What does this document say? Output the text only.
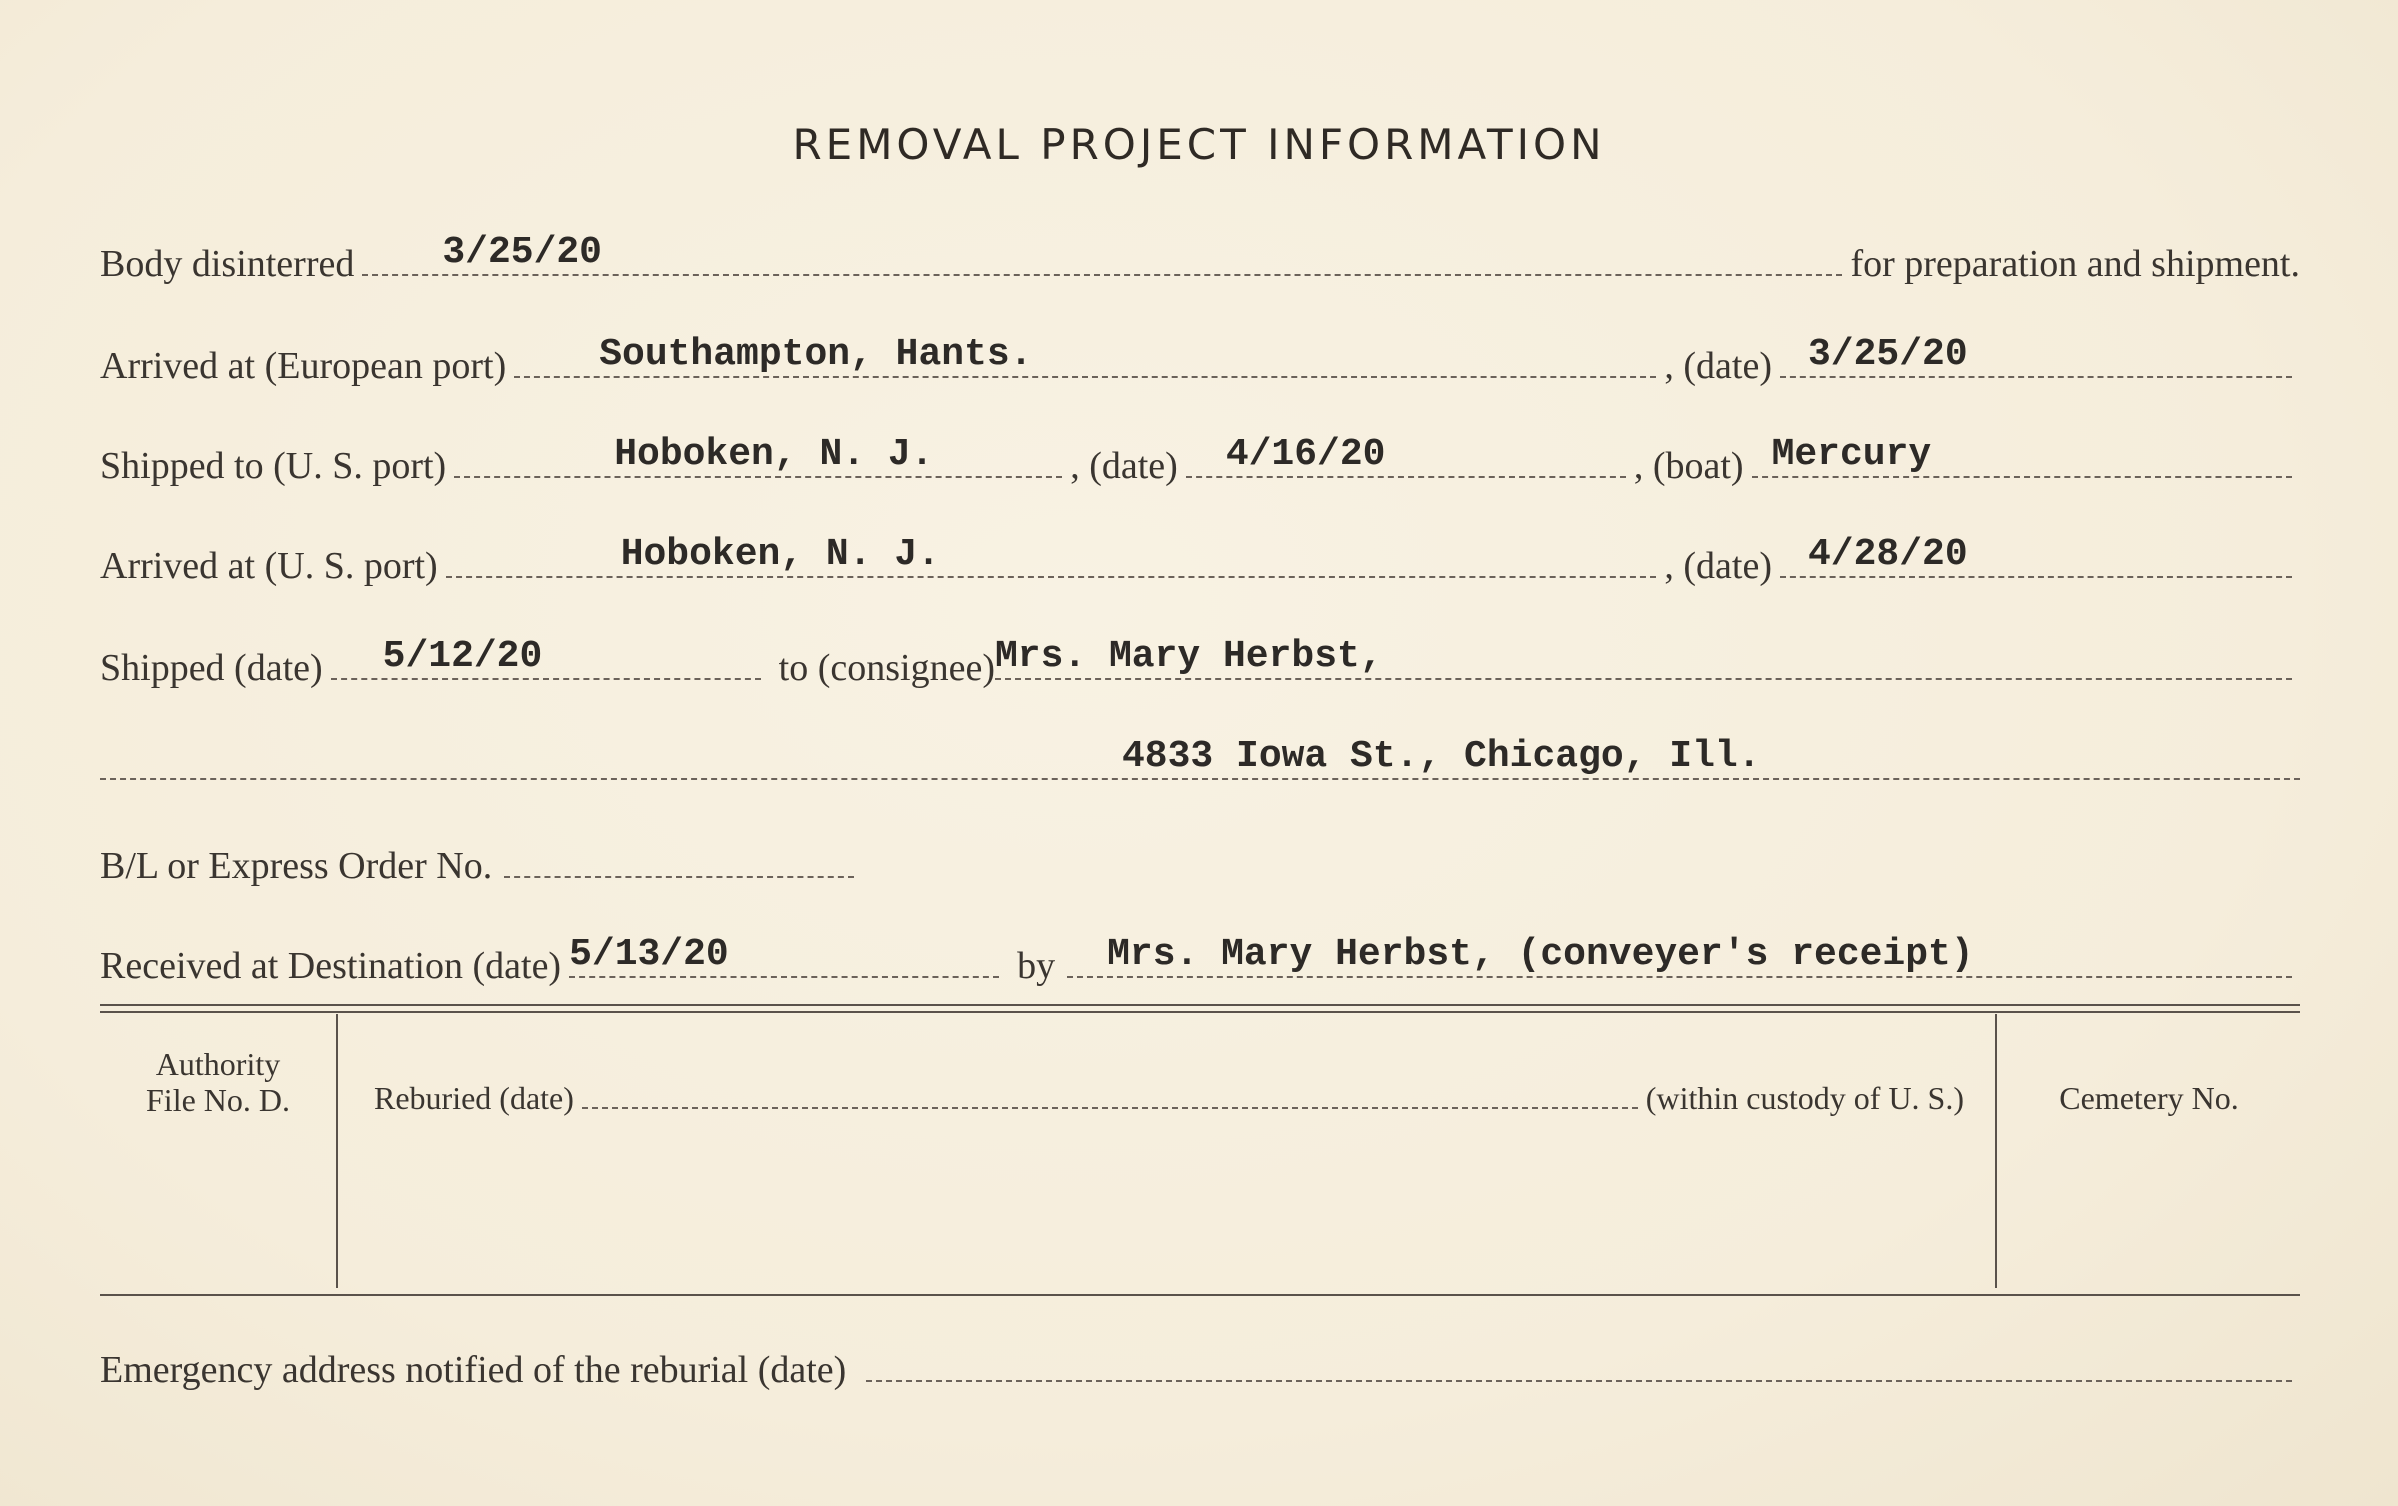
REMOVAL PROJECT INFORMATION
Body disinterred 3/25/20	for preparation and shipment.
Arrived at (European port) Southampton, Hants.	, (date) 3/25/20
Shipped to (U. S. port)	Hoboken, N. J.	, (date) 4/16/20	, (boat) Mercury
Arrived at (U. S. port)	Hoboken, N. J.	, (date) 4/28/20
Shipped (date) 5/12/20	to (consignee) Mrs. Mary Herbst,
4833 Iowa St., Chicago, Ill.
B/L or Express Order No.
Received at Destination (date) 5/13/20	by Mrs. Mary Herbst, (conveyer's receipt)
Authority
File No. D.	Reburied (date)	(within custody of U. S.)	Cemetery No.
Emergency address notified of the reburial (date)
